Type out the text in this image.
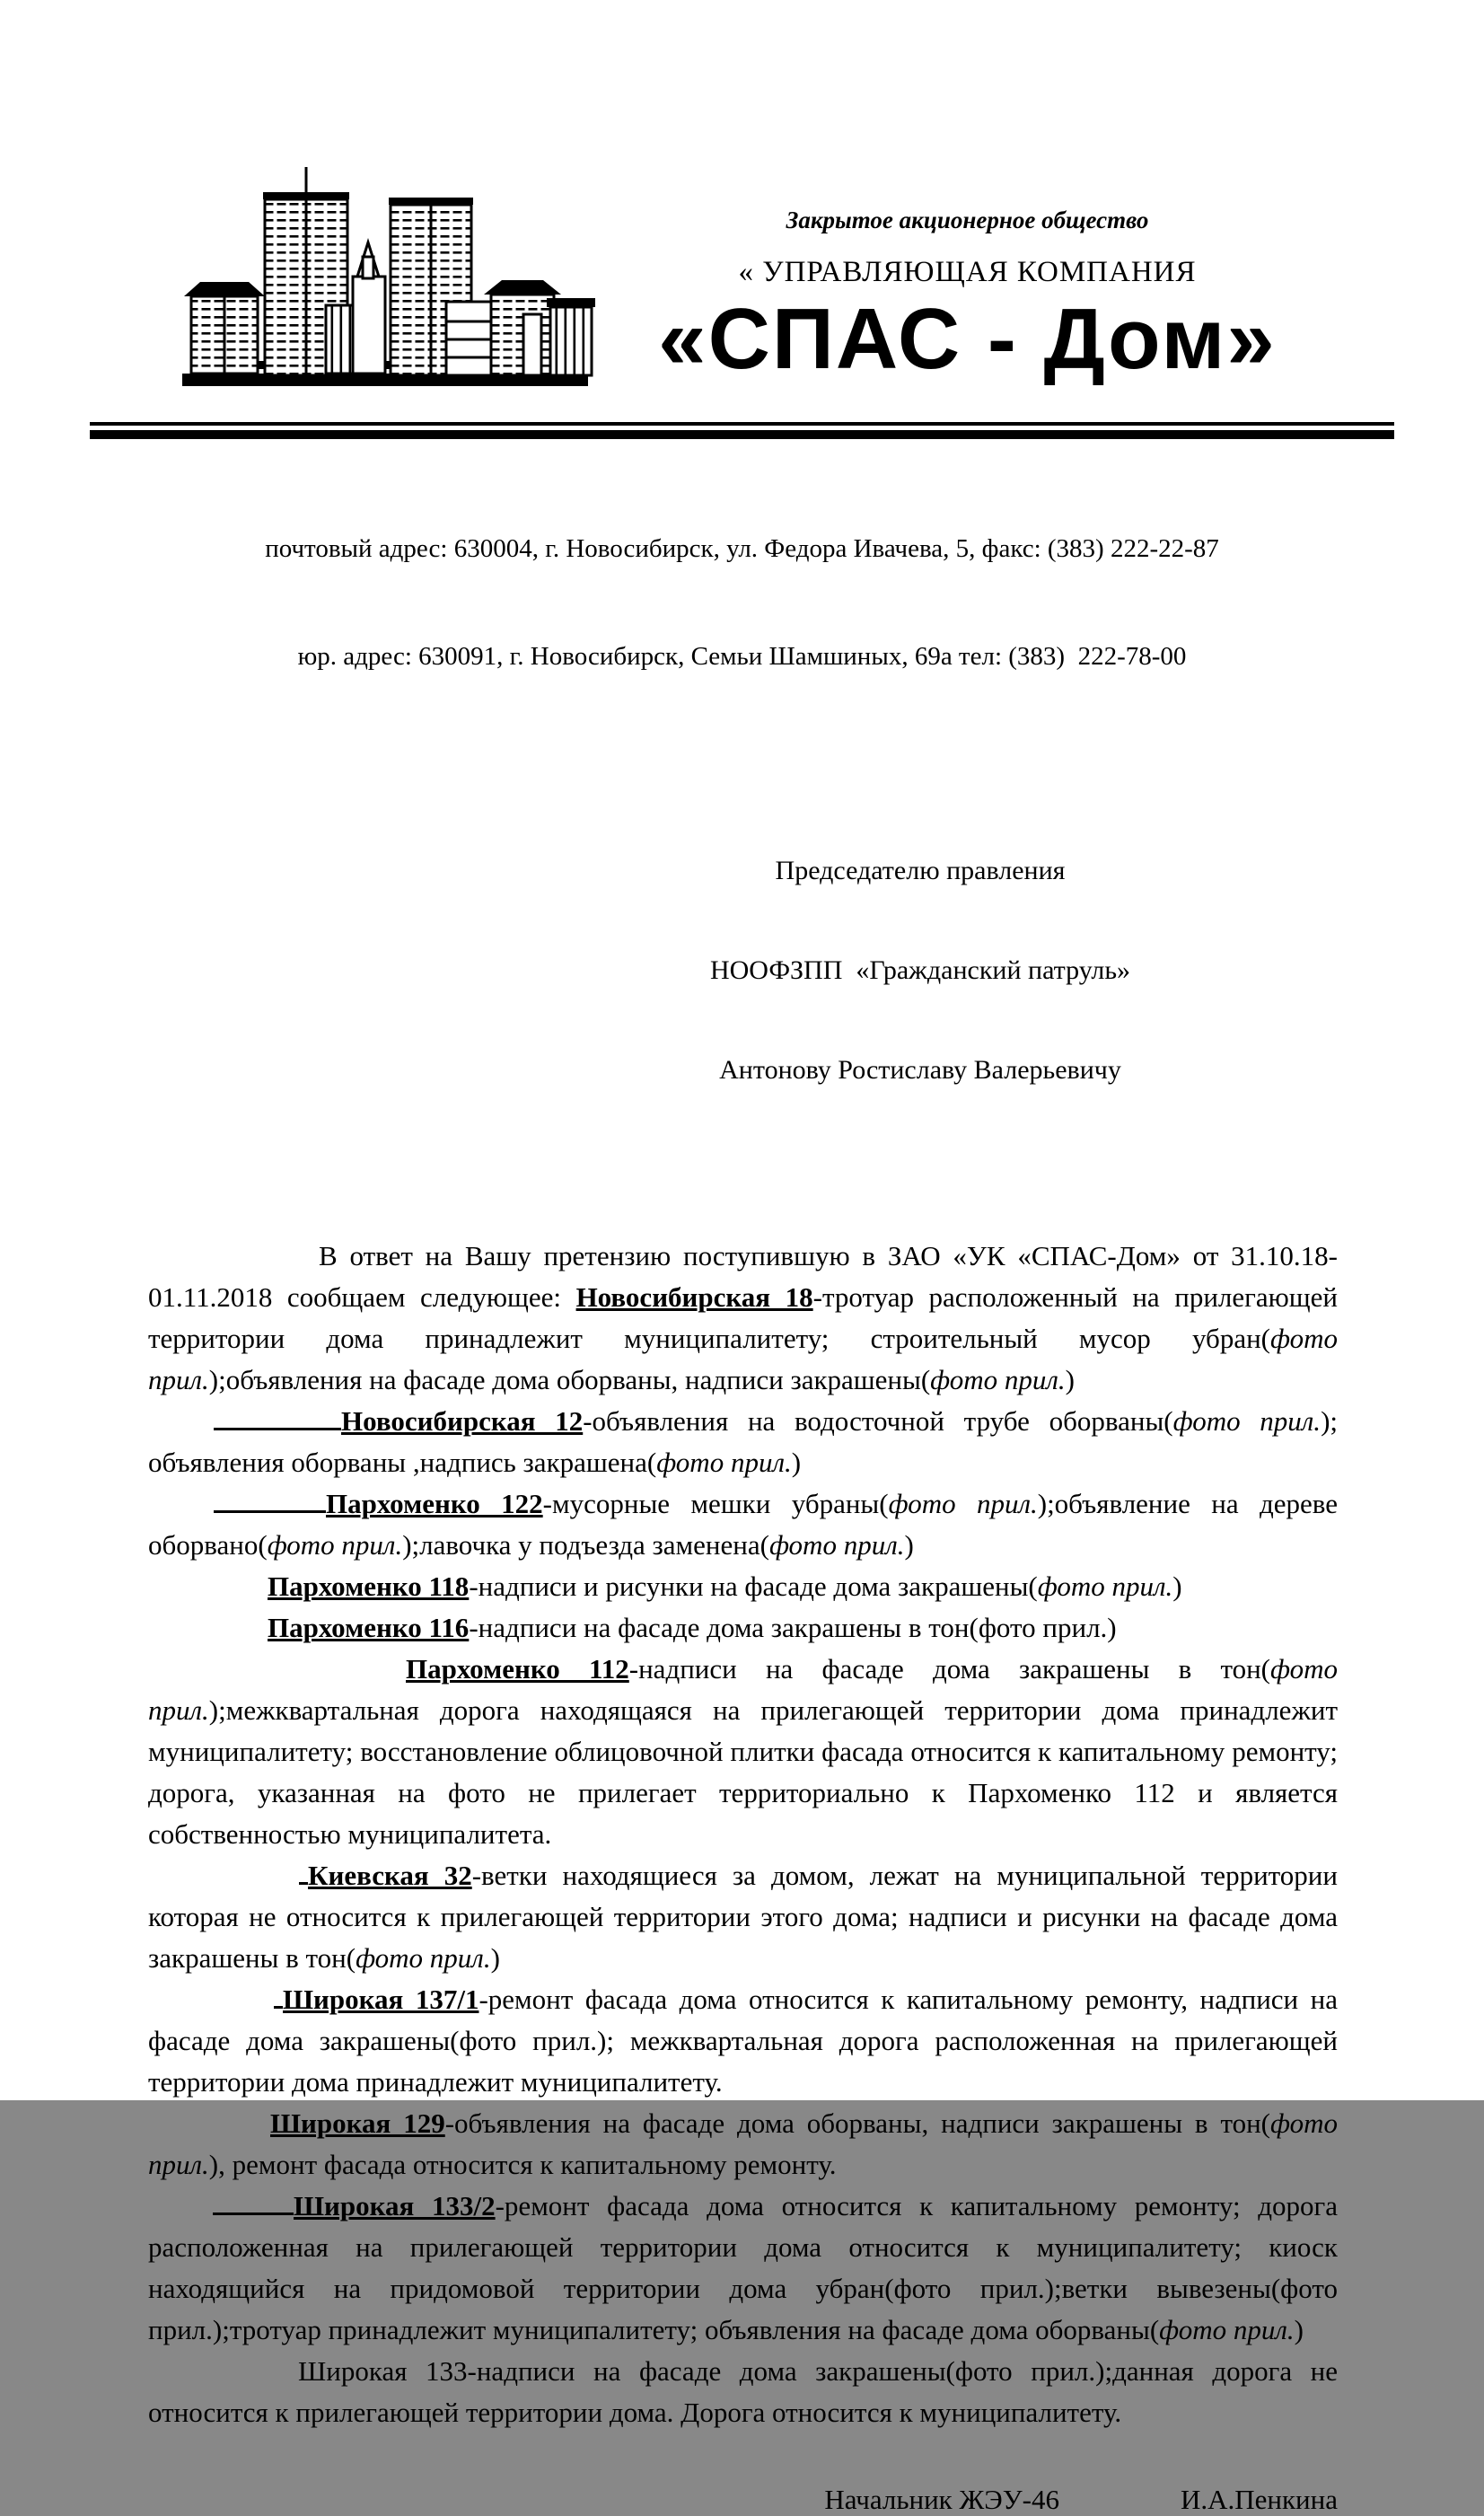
Закрытое акционерное общество
« УПРАВЛЯЮЩАЯ КОМПАНИЯ
«СПАС - Дом»

почтовый адрес: 630004, г. Новосибирск, ул. Федора Ивачева, 5, факс: (383) 222-22-87

юр. адрес: 630091, г. Новосибирск, Семьи Шамшиных, 69а тел: (383)  222-78-00

Председателю правления

НООФЗПП  «Гражданский патруль»

Антонову Ростиславу Валерьевичу

В ответ на Вашу претензию поступившую в ЗАО «УК «СПАС-Дом» от 31.10.18-01.11.2018 сообщаем следующее: Новосибирская 18-тротуар расположенный на прилегающей территории дома принадлежит муниципалитету; строительный мусор убран(фото прил.);объявления на фасаде дома оборваны, надписи закрашены(фото прил.)

Новосибирская 12-объявления на водосточной трубе оборваны(фото прил.); объявления оборваны ,надпись закрашена(фото прил.)

Пархоменко 122-мусорные мешки убраны(фото прил.);объявление на дереве оборвано(фото прил.);лавочка у подъезда заменена(фото прил.)

Пархоменко 118-надписи и рисунки на фасаде дома закрашены(фото прил.)

Пархоменко 116-надписи на фасаде дома закрашены в тон(фото прил.)

Пархоменко 112-надписи на фасаде дома закрашены в тон(фото прил.);межквартальная дорога находящаяся на прилегающей территории дома принадлежит муниципалитету; восстановление облицовочной плитки фасада относится к капитальному ремонту; дорога, указанная на фото не прилегает территориально к Пархоменко 112 и является собственностью муниципалитета.

Киевская 32-ветки находящиеся за домом, лежат на муниципальной территории которая не относится к прилегающей территории этого дома; надписи и рисунки на фасаде дома закрашены в тон(фото прил.)

Широкая 137/1-ремонт фасада дома относится к капитальному ремонту, надписи на фасаде дома закрашены(фото прил.); межквартальная дорога расположенная на прилегающей территории дома принадлежит муниципалитету.

Широкая 129-объявления на фасаде дома оборваны, надписи закрашены в тон(фото прил.), ремонт фасада относится к капитальному ремонту.

Широкая 133/2-ремонт фасада дома относится к капитальному ремонту; дорога расположенная на прилегающей территории дома относится к муниципалитету; киоск находящийся на придомовой территории дома убран(фото прил.);ветки вывезены(фото прил.);тротуар принадлежит муниципалитету; объявления на фасаде дома оборваны(фото прил.)

Широкая 133-надписи на фасаде дома закрашены(фото прил.);данная дорога не относится к прилегающей территории дома. Дорога относится к муниципалитету.

Начальник ЖЭУ-46	И.А.Пенкина
